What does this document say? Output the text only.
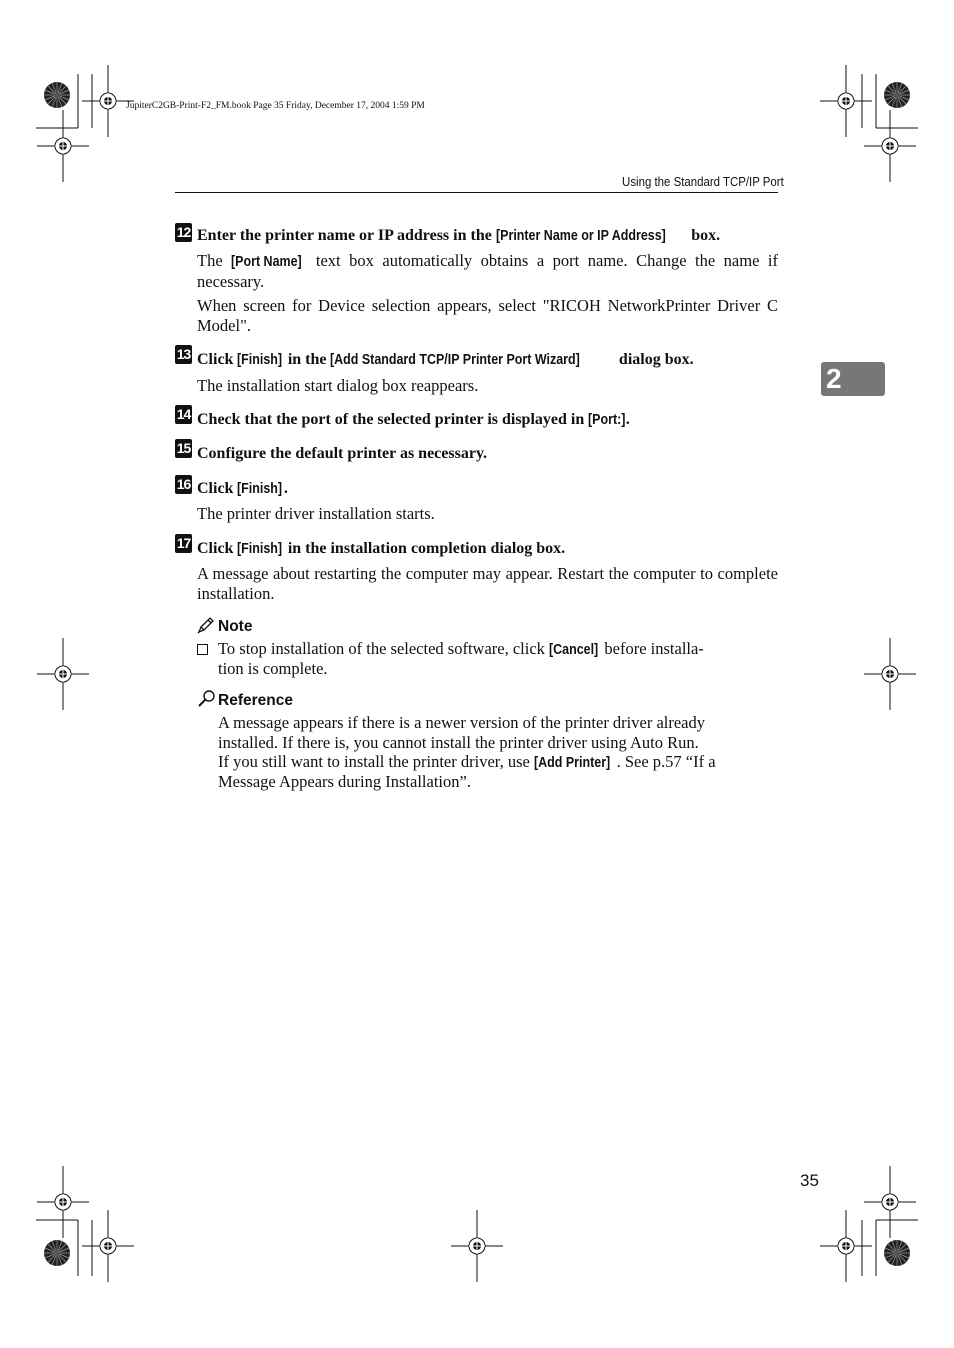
JupiterC2GB-Print-F2_FM.book Page 35 Friday, December 17, 2004 1:59 PM
Using the Standard TCP/IP Port
2
12 Enter the printer name or IP address in the [Printer Name or IP Address] box.
The [Port Name] text box automatically obtains a port name. Change the name if necessary.
When screen for Device selection appears, select "RICOH NetworkPrinter Driver C Model".
13 Click [Finish] in the [Add Standard TCP/IP Printer Port Wizard] dialog box.
The installation start dialog box reappears.
14 Check that the port of the selected printer is displayed in [Port:].
15 Configure the default printer as necessary.
16 Click [Finish].
The printer driver installation starts.
17 Click [Finish] in the installation completion dialog box.
A message about restarting the computer may appear. Restart the computer to complete installation.
Note
To stop installation of the selected software, click [Cancel] before installa-
tion is complete.
Reference
A message appears if there is a newer version of the printer driver already
installed. If there is, you cannot install the printer driver using Auto Run.
If you still want to install the printer driver, use [Add Printer] . See p.57 “If a
Message Appears during Installation”.
35
